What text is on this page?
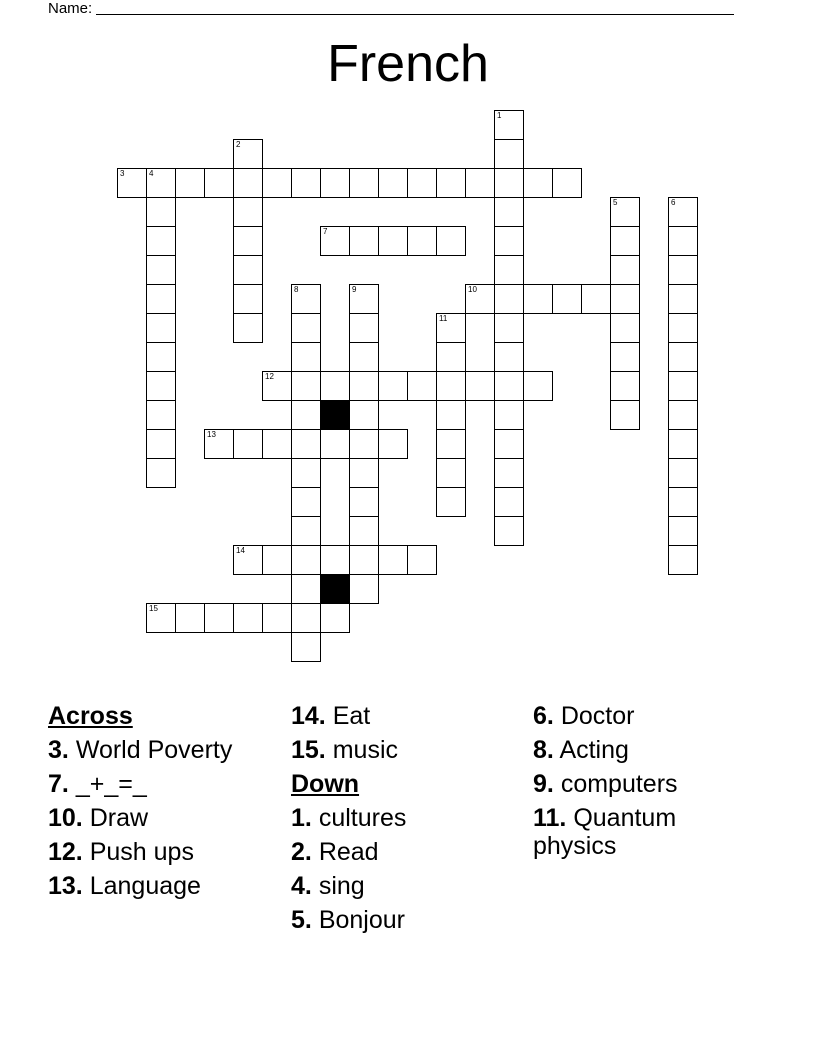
Name:
French
3	4
7
10
12
13
14
15
1
2
5	6
8	9
11
Across
3. World Poverty
7. _+_=_
10. Draw
12. Push ups
13. Language
14. Eat
15. music
Down
1. cultures
2. Read
4. sing
5. Bonjour
6. Doctor
8. Acting
9. computers
11. Quantum physics
